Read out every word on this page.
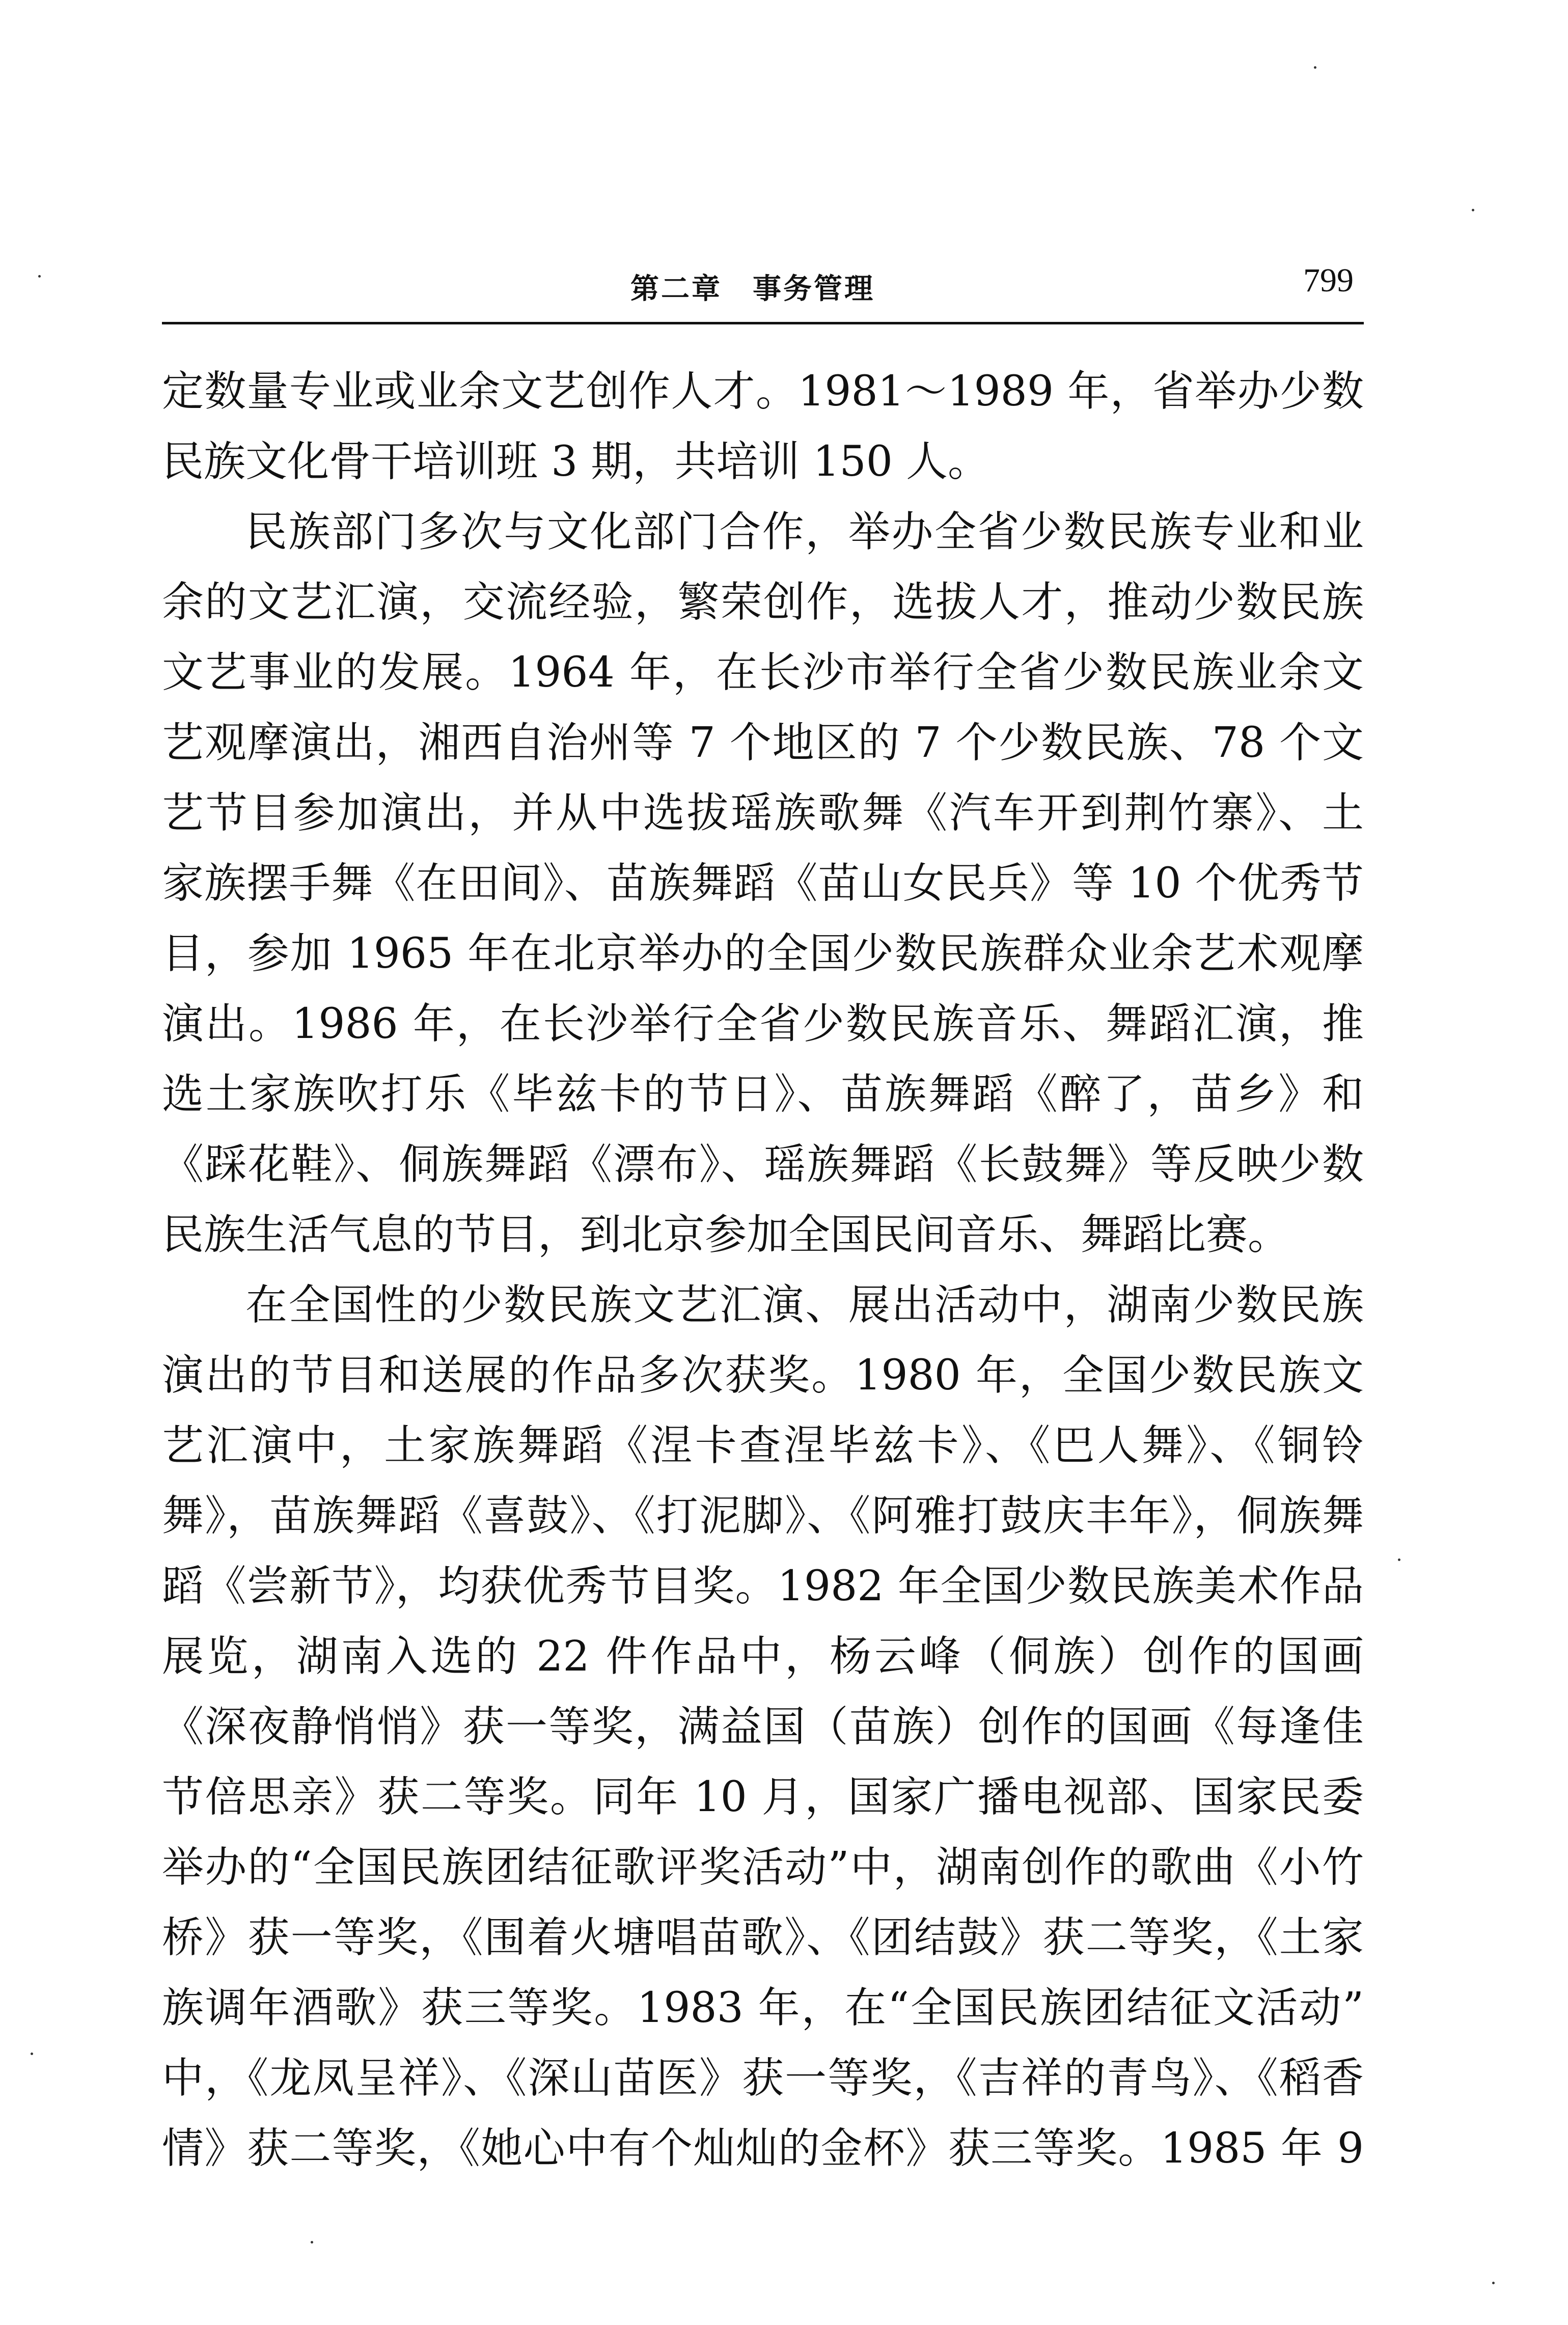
第二章　事务管理	799
定数量专业或业余文艺创作人才。1981～1989 年，省举办少数
民族文化骨干培训班 3 期，共培训 150 人。
民族部门多次与文化部门合作，举办全省少数民族专业和业
余的文艺汇演，交流经验，繁荣创作，选拔人才，推动少数民族
文艺事业的发展。1964 年，在长沙市举行全省少数民族业余文
艺观摩演出，湘西自治州等 7 个地区的 7 个少数民族、78 个文
艺节目参加演出，并从中选拔瑶族歌舞《汽车开到荆竹寨》、土
家族摆手舞《在田间》、苗族舞蹈《苗山女民兵》等 10 个优秀节
目，参加 1965 年在北京举办的全国少数民族群众业余艺术观摩
演出。1986 年，在长沙举行全省少数民族音乐、舞蹈汇演，推
选土家族吹打乐《毕兹卡的节日》、苗族舞蹈《醉了，苗乡》和
《踩花鞋》、侗族舞蹈《漂布》、瑶族舞蹈《长鼓舞》等反映少数
民族生活气息的节目，到北京参加全国民间音乐、舞蹈比赛。
在全国性的少数民族文艺汇演、展出活动中，湖南少数民族
演出的节目和送展的作品多次获奖。1980 年，全国少数民族文
艺汇演中，土家族舞蹈《涅卡查涅毕兹卡》、《巴人舞》、《铜铃
舞》，苗族舞蹈《喜鼓》、《打泥脚》、《阿雅打鼓庆丰年》，侗族舞
蹈《尝新节》，均获优秀节目奖。1982 年全国少数民族美术作品
展览，湖南入选的 22 件作品中，杨云峰（侗族）创作的国画
《深夜静悄悄》获一等奖，满益国（苗族）创作的国画《每逢佳
节倍思亲》获二等奖。同年 10 月，国家广播电视部、国家民委
举办的“全国民族团结征歌评奖活动”中，湖南创作的歌曲《小竹
桥》获一等奖，《围着火塘唱苗歌》、《团结鼓》获二等奖，《土家
族调年酒歌》获三等奖。1983 年，在“全国民族团结征文活动”
中，《龙凤呈祥》、《深山苗医》获一等奖，《吉祥的青鸟》、《稻香
情》获二等奖，《她心中有个灿灿的金杯》获三等奖。1985 年 9
